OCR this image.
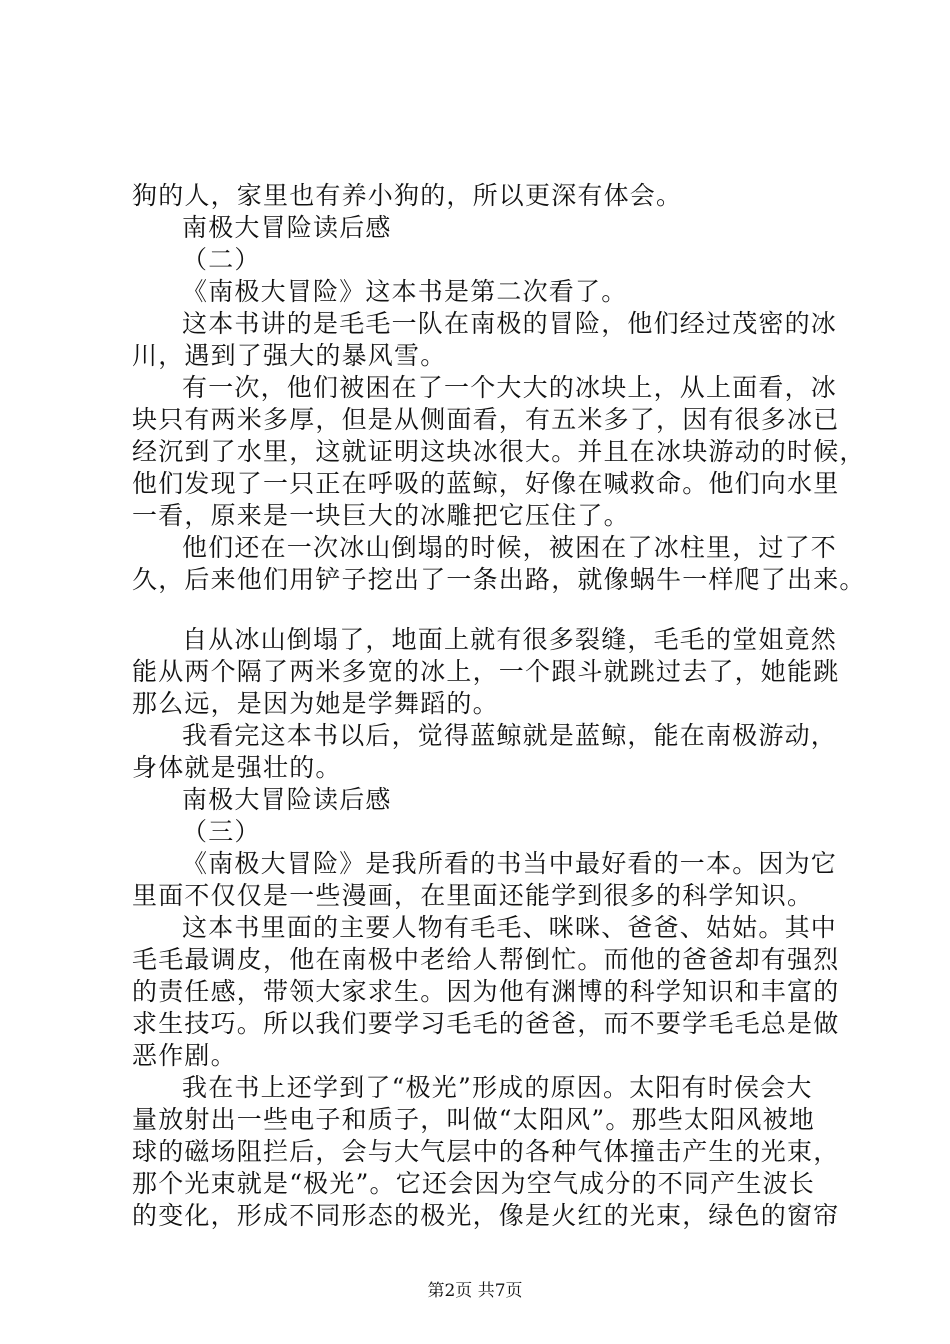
狗的人，家里也有养小狗的，所以更深有体会。
南极大冒险读后感
（二）
《南极大冒险》这本书是第二次看了。
这本书讲的是毛毛一队在南极的冒险，他们经过茂密的冰
川，遇到了强大的暴风雪。
有一次，他们被困在了一个大大的冰块上，从上面看，冰
块只有两米多厚，但是从侧面看，有五米多了，因有很多冰已
经沉到了水里，这就证明这块冰很大。并且在冰块游动的时候，
他们发现了一只正在呼吸的蓝鲸，好像在喊救命。他们向水里
一看，原来是一块巨大的冰雕把它压住了。
他们还在一次冰山倒塌的时候，被困在了冰柱里，过了不
久，后来他们用铲子挖出了一条出路，就像蜗牛一样爬了出来。
自从冰山倒塌了，地面上就有很多裂缝，毛毛的堂姐竟然
能从两个隔了两米多宽的冰上，一个跟斗就跳过去了，她能跳
那么远，是因为她是学舞蹈的。
我看完这本书以后，觉得蓝鲸就是蓝鲸，能在南极游动，
身体就是强壮的。
南极大冒险读后感
（三）
《南极大冒险》是我所看的书当中最好看的一本。因为它
里面不仅仅是一些漫画，在里面还能学到很多的科学知识。
这本书里面的主要人物有毛毛、咪咪、爸爸、姑姑。其中
毛毛最调皮，他在南极中老给人帮倒忙。而他的爸爸却有强烈
的责任感，带领大家求生。因为他有渊博的科学知识和丰富的
求生技巧。所以我们要学习毛毛的爸爸，而不要学毛毛总是做
恶作剧。
我在书上还学到了“极光”形成的原因。太阳有时侯会大
量放射出一些电子和质子，叫做“太阳风”。那些太阳风被地
球的磁场阻拦后，会与大气层中的各种气体撞击产生的光束，
那个光束就是“极光”。它还会因为空气成分的不同产生波长
的变化，形成不同形态的极光，像是火红的光束，绿色的窗帘
第2页 共7页
